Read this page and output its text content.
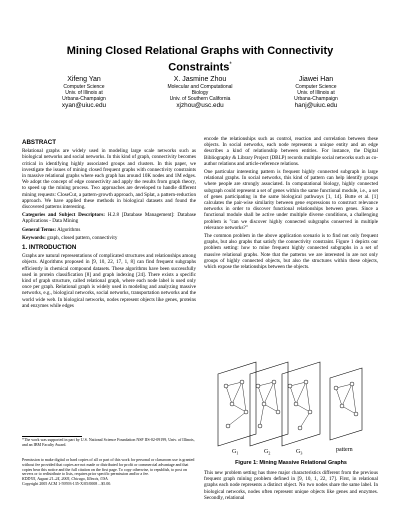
Mining Closed Relational Graphs with Connectivity
Constraints*
Xifeng Yan
Computer Science
Univ. of Illinois at
Urbana-Champaign
xyan@uiuc.edu
X. Jasmine Zhou
Molecular and Computational
Biology
Univ. of Southern California
xjzhou@usc.edu
Jiawei Han
Computer Science
Univ. of Illinois at
Urbana-Champaign
hanj@uiuc.edu
ABSTRACT

Relational graphs are widely used in modeling large scale networks such as biological networks and social networks. In this kind of graph, connectivity becomes critical in identifying highly associated groups and clusters. In this paper, we investigate the issues of mining closed frequent graphs with connectivity constraints in massive relational graphs where each graph has around 10K nodes and 1M edges. We adopt the concept of edge connectivity and apply the results from graph theory, to speed up the mining process. Two approaches are developed to handle different mining requests: CloseCut, a pattern-growth approach, and Splat, a pattern-reduction approach. We have applied these methods in biological datasets and found the discovered patterns interesting.

Categories and Subject Descriptors: H.2.8 [Database Management]: Database Applications - Data Mining

General Terms: Algorithms

Keywords: graph, closed pattern, connectivity

1. INTRODUCTION

Graphs are natural representations of complicated structures and relationships among objects. Algorithms proposed in [9, 10, 22, 17, 1, 8] can find frequent subgraphs efficiently in chemical compound datasets. These algorithms have been successfully used in protein classification [8] and graph indexing [24]. There exists a specific kind of graph structure, called relational graph, where each node label is used only once per graph. Relational graph is widely used in modeling and analyzing massive networks, e.g., biological networks, social networks, transportation networks and the world wide web. In biological networks, nodes represent objects like genes, proteins and enzymes while edges

*The work was supported in part by U.S. National Science Foundation NSF IIS-02-09199, Univ. of Illinois, and an IBM Faculty Award.
Permission to make digital or hard copies of all or part of this work for personal or classroom use is granted without fee provided that copies are not made or distributed for profit or commercial advantage and that copies bear this notice and the full citation on the first page. To copy otherwise, to republish, to post on servers or to redistribute to lists, requires prior specific permission and/or a fee.
KDD'05, August 21–24, 2005, Chicago, Illinois, USA.
Copyright 2005 ACM 1-59593-135-X/05/0008 ...$5.00.

encode the relationships such as control, reaction and correlation between these objects. In social networks, each node represents a unique entity and an edge describes a kind of relationship between entities. For instance, the Digital Bibliography & Library Project (DBLP) records multiple social networks such as co-author relations and article-reference relations.

One particular interesting pattern is frequent highly connected subgraph in large relational graphs. In social networks, this kind of pattern can help identify groups where people are strongly associated. In computational biology, highly connected subgraph could represent a set of genes within the same functional module, i.e., a set of genes participating in the same biological pathways [1, 14]. Butte et al. [1] calculates the pair-wise similarity between gene expressions to construct relevance networks in order to discover functional relationships between genes. Since a functional module shall be active under multiple diverse conditions, a challenging problem is "can we discover highly connected subgraphs conserved in multiple relevance networks?"

The common problem in the above application scenario is to find not only frequent graphs, but also graphs that satisfy the connectivity constraint. Figure 1 depicts our problem setting: how to mine frequent highly connected subgraphs in a set of massive relational graphs. Note that the patterns we are interested in are not only groups of highly connected objects, but also the structures within these objects, which expose the relationships between the objects.

$G_1$	$G_2$	$G_3$	pattern
Figure 1: Mining Massive Relational Graphs

This new problem setting has three major characteristics different from the previous frequent graph mining problem defined in [9, 10, 1, 22, 17]. First, in relational graphs each node represents a distinct object. No two nodes share the same label. In biological networks, nodes often represent unique objects like genes and enzymes. Secondly, relational
